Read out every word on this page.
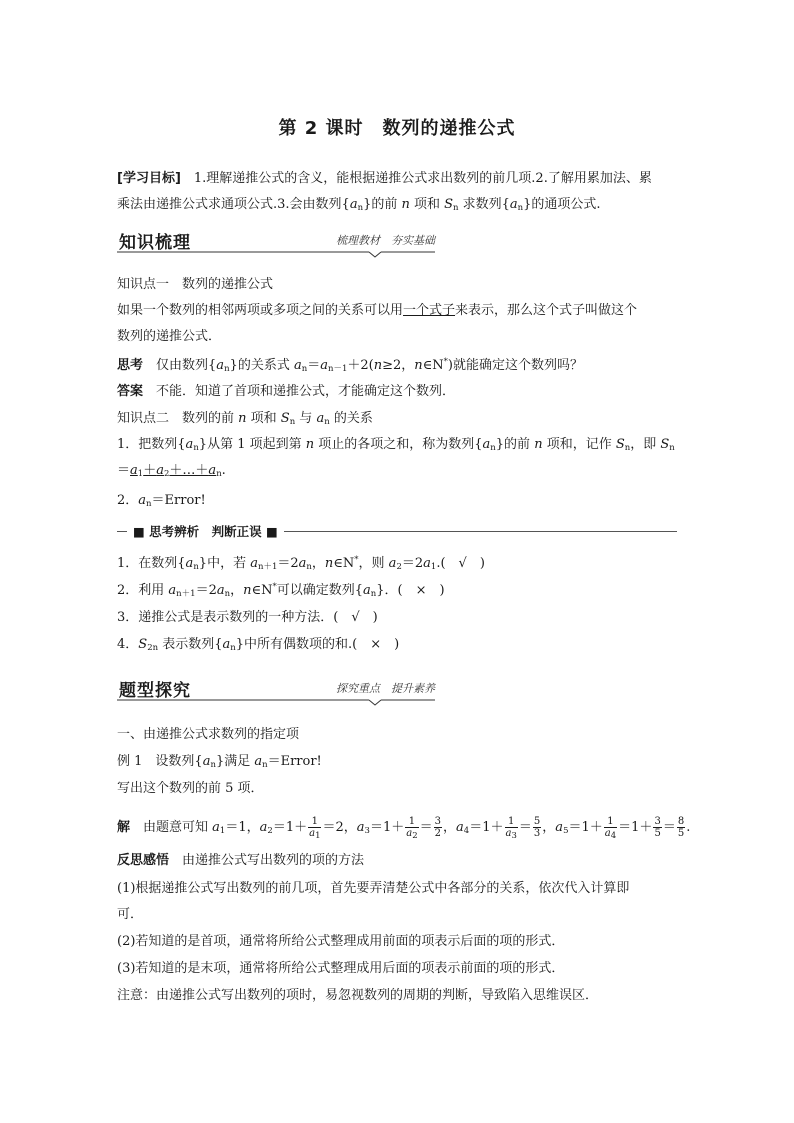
第 2 课时　数列的递推公式
[学习目标]　1.理解递推公式的含义，能根据递推公式求出数列的前几项.2.了解用累加法、累
乘法由递推公式求通项公式.3.会由数列$\{a_n\}$的前 n 项和 $S_n$ 求数列$\{a_n\}$的通项公式.
知识梳理	梳理教材　夯实基础
知识点一　数列的递推公式
如果一个数列的相邻两项或多项之间的关系可以用一个式子来表示，那么这个式子叫做这个
数列的递推公式．
思考　仅由数列$\{a_n\}$的关系式 $a_n=a_{n-1}+2(n\ge 2$，n∈N*)就能确定这个数列吗？
答案　不能．知道了首项和递推公式，才能确定这个数列．
知识点二　数列的前 n 项和 $S_n$ 与 $a_n$ 的关系
1．把数列$\{a_n\}$从第 1 项起到第 n 项止的各项之和，称为数列$\{a_n\}$的前 n 项和，记作 $S_n$，即 $S_n$
$=a_1+a_2+\dots+a_n$.
2．$a_n=Error$!
■ 思考辨析　判断正误 ■
1．在数列$\{a_n\}$中，若 $a_{n+1}=2a_n$，n∈N*，则 $a_2=2a_1$.(　√　)
2．利用 $a_{n+1}=2a_n$，n∈N*可以确定数列$\{a_n\}$．(　×　)
3．递推公式是表示数列的一种方法．(　√　)
4．$S_{2n}$ 表示数列$\{a_n\}$中所有偶数项的和.(　×　)
题型探究	探究重点　提升素养
一、由递推公式求数列的指定项
例 1　设数列$\{a_n\}$满足 $a_n=Error$!
写出这个数列的前 5 项．
解　由题意可知 $a_1=1$，$a_2=1+ \frac{1}{a_1} =2$，$a_3=1+ \frac{1}{a_2} = \frac{3}{2}$ ，$a_4=1+ \frac{1}{a_3} = \frac{5}{3}$ ，$a_5=1+ \frac{1}{a_4} =1+ \frac{3}{5} = \frac{8}{5}$ .
反思感悟　由递推公式写出数列的项的方法
(1)根据递推公式写出数列的前几项，首先要弄清楚公式中各部分的关系，依次代入计算即
可．
(2)若知道的是首项，通常将所给公式整理成用前面的项表示后面的项的形式．
(3)若知道的是末项，通常将所给公式整理成用后面的项表示前面的项的形式．
注意：由递推公式写出数列的项时，易忽视数列的周期的判断，导致陷入思维误区．
